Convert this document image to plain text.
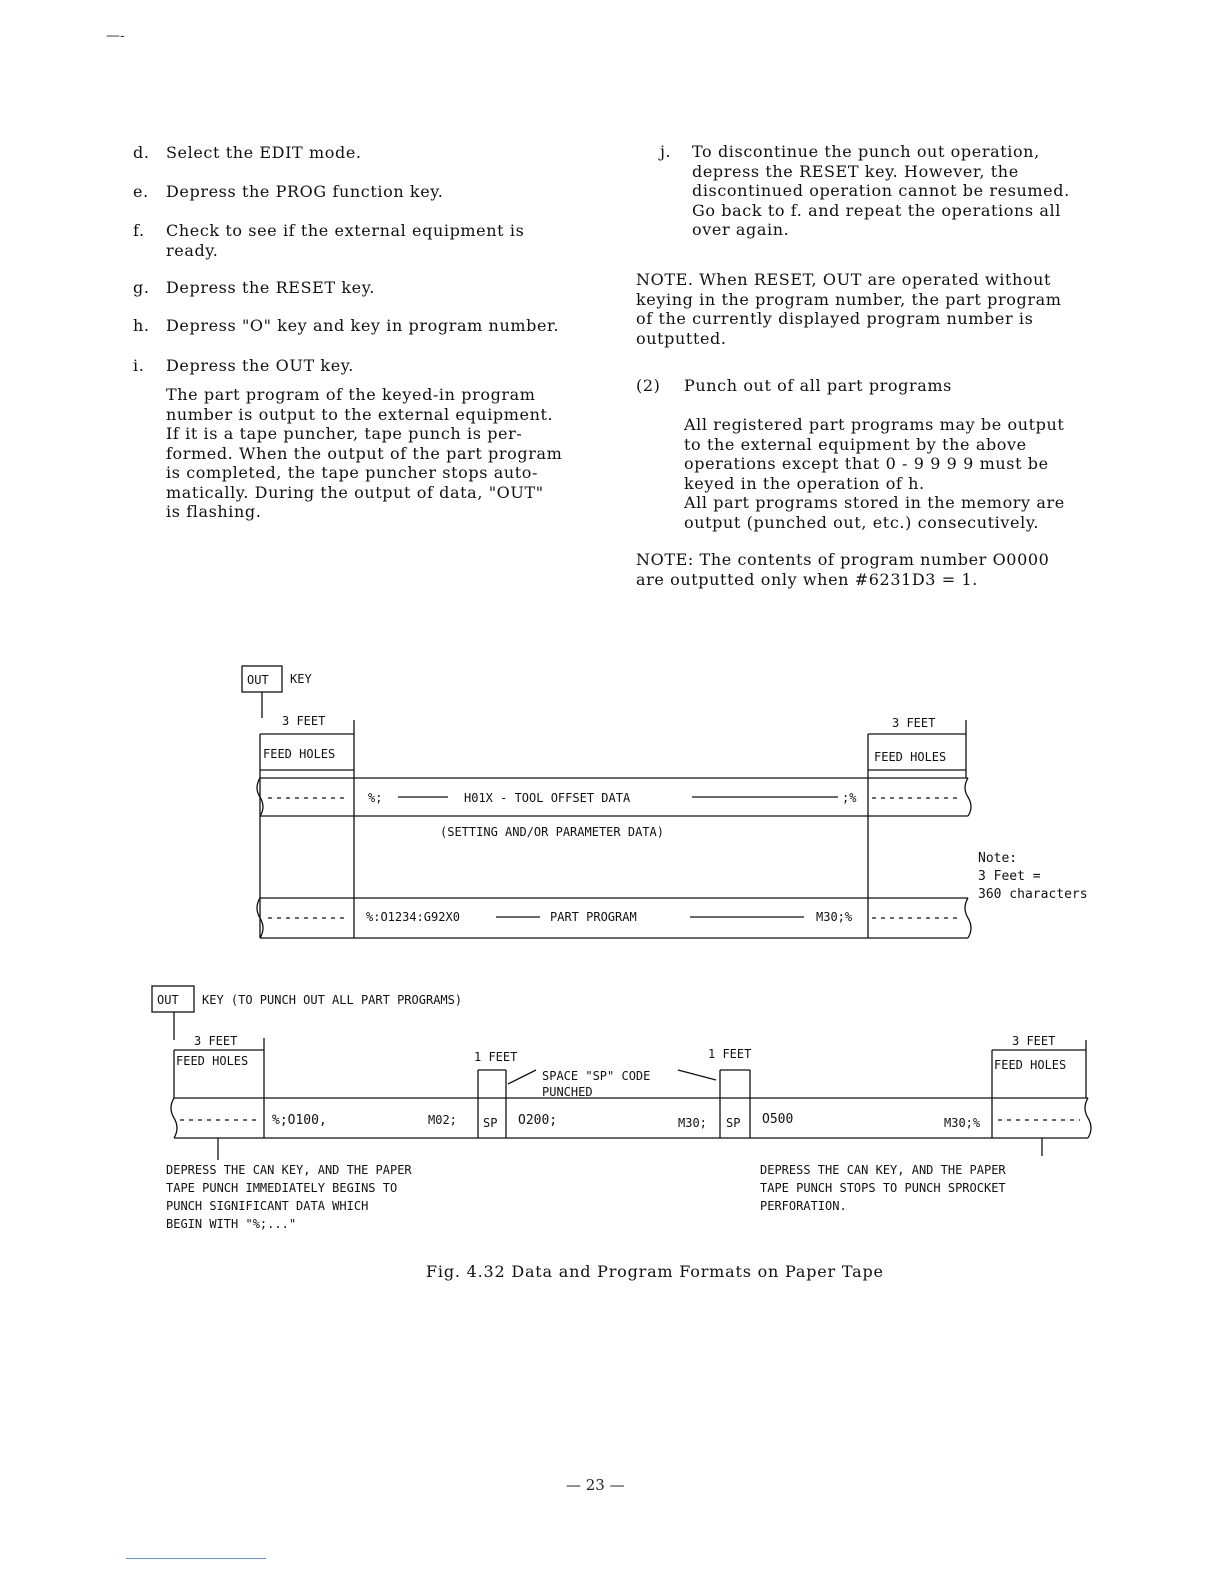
—-
d. Select the EDIT mode.
e. Depress the PROG function key.
f. Check to see if the external equipment is
ready.
g. Depress the RESET key.
h. Depress "O" key and key in program number.
i. Depress the OUT key.
The part program of the keyed-in program
number is output to the external equipment.
If it is a tape puncher, tape punch is per-
formed. When the output of the part program
is completed, the tape puncher stops auto-
matically. During the output of data, "OUT"
is flashing.
j. To discontinue the punch out operation,
depress the RESET key. However, the
discontinued operation cannot be resumed.
Go back to f. and repeat the operations all
over again.
NOTE. When RESET, OUT are operated without
keying in the program number, the part program
of the currently displayed program number is
outputted.
(2) Punch out of all part programs
All registered part programs may be output
to the external equipment by the above
operations except that 0 - 9 9 9 9 must be
keyed in the operation of h.
All part programs stored in the memory are
output (punched out, etc.) consecutively.
NOTE: The contents of program number O0000
are outputted only when #6231D3 = 1.
OUT KEY
3 FEET	3 FEET
FEED HOLES	FEED HOLES
%;	H01X - TOOL OFFSET DATA	;%
(SETTING AND/OR PARAMETER DATA)
%:O1234:G92X0	PART PROGRAM	M30;%
Note:
3 Feet =
360 characters
OUT KEY (TO PUNCH OUT ALL PART PROGRAMS)
3 FEET
FEED HOLES	1 FEET	1 FEET
3 FEET
FEED HOLES
SPACE "SP" CODE
PUNCHED
%;O100,	M02; SP O200;	M30; SP O500	M30;%
DEPRESS THE CAN KEY, AND THE PAPER
TAPE PUNCH IMMEDIATELY BEGINS TO
PUNCH SIGNIFICANT DATA WHICH
BEGIN WITH "%;..."
DEPRESS THE CAN KEY, AND THE PAPER
TAPE PUNCH STOPS TO PUNCH SPROCKET
PERFORATION.
Fig. 4.32 Data and Program Formats on Paper Tape
— 23 —
